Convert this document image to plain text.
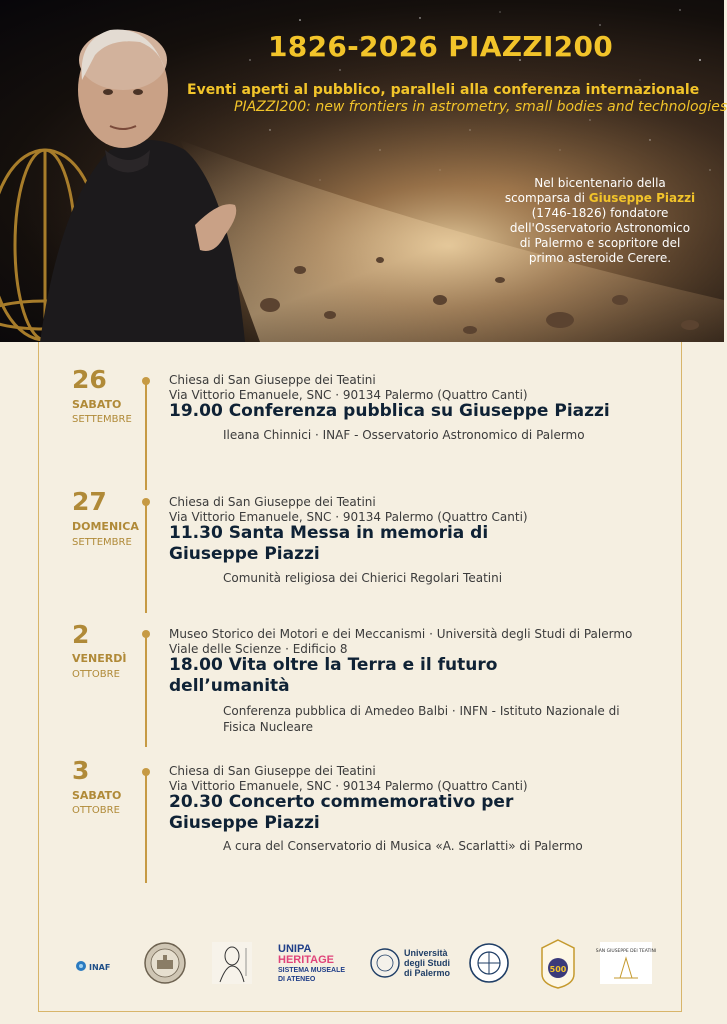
1826-2026 PIAZZI200
Eventi aperti al pubblico, paralleli alla conferenza internazionale
PIAZZI200: new frontiers in astrometry, small bodies and technologies
Nel bicentenario della
scomparsa di Giuseppe Piazzi
(1746-1826) fondatore
dell'Osservatorio Astronomico
di Palermo e scopritore del
primo asteroide Cerere.
26
SABATO
SETTEMBRE
Chiesa di San Giuseppe dei Teatini
Via Vittorio Emanuele, SNC · 90134 Palermo (Quattro Canti)
19.00 Conferenza pubblica su Giuseppe Piazzi
Ileana Chinnici · INAF - Osservatorio Astronomico di Palermo
27
DOMENICA
SETTEMBRE
Chiesa di San Giuseppe dei Teatini
Via Vittorio Emanuele, SNC · 90134 Palermo (Quattro Canti)
11.30 Santa Messa in memoria di
Giuseppe Piazzi
Comunità religiosa dei Chierici Regolari Teatini
2
VENERDÌ
OTTOBRE
Museo Storico dei Motori e dei Meccanismi · Università degli Studi di Palermo
Viale delle Scienze · Edificio 8
18.00 Vita oltre la Terra e il futuro
dell’umanità
Conferenza pubblica di Amedeo Balbi · INFN - Istituto Nazionale di
Fisica Nucleare
3
SABATO
OTTOBRE
Chiesa di San Giuseppe dei Teatini
Via Vittorio Emanuele, SNC · 90134 Palermo (Quattro Canti)
20.30 Concerto commemorativo per
Giuseppe Piazzi
A cura del Conservatorio di Musica «A. Scarlatti» di Palermo
INAF
UNIPA
HERITAGE
SISTEMA MUSEALE
DI ATENEO
Università
degli Studi
di Palermo	500
SAN GIUSEPPE DEI TEATINI
